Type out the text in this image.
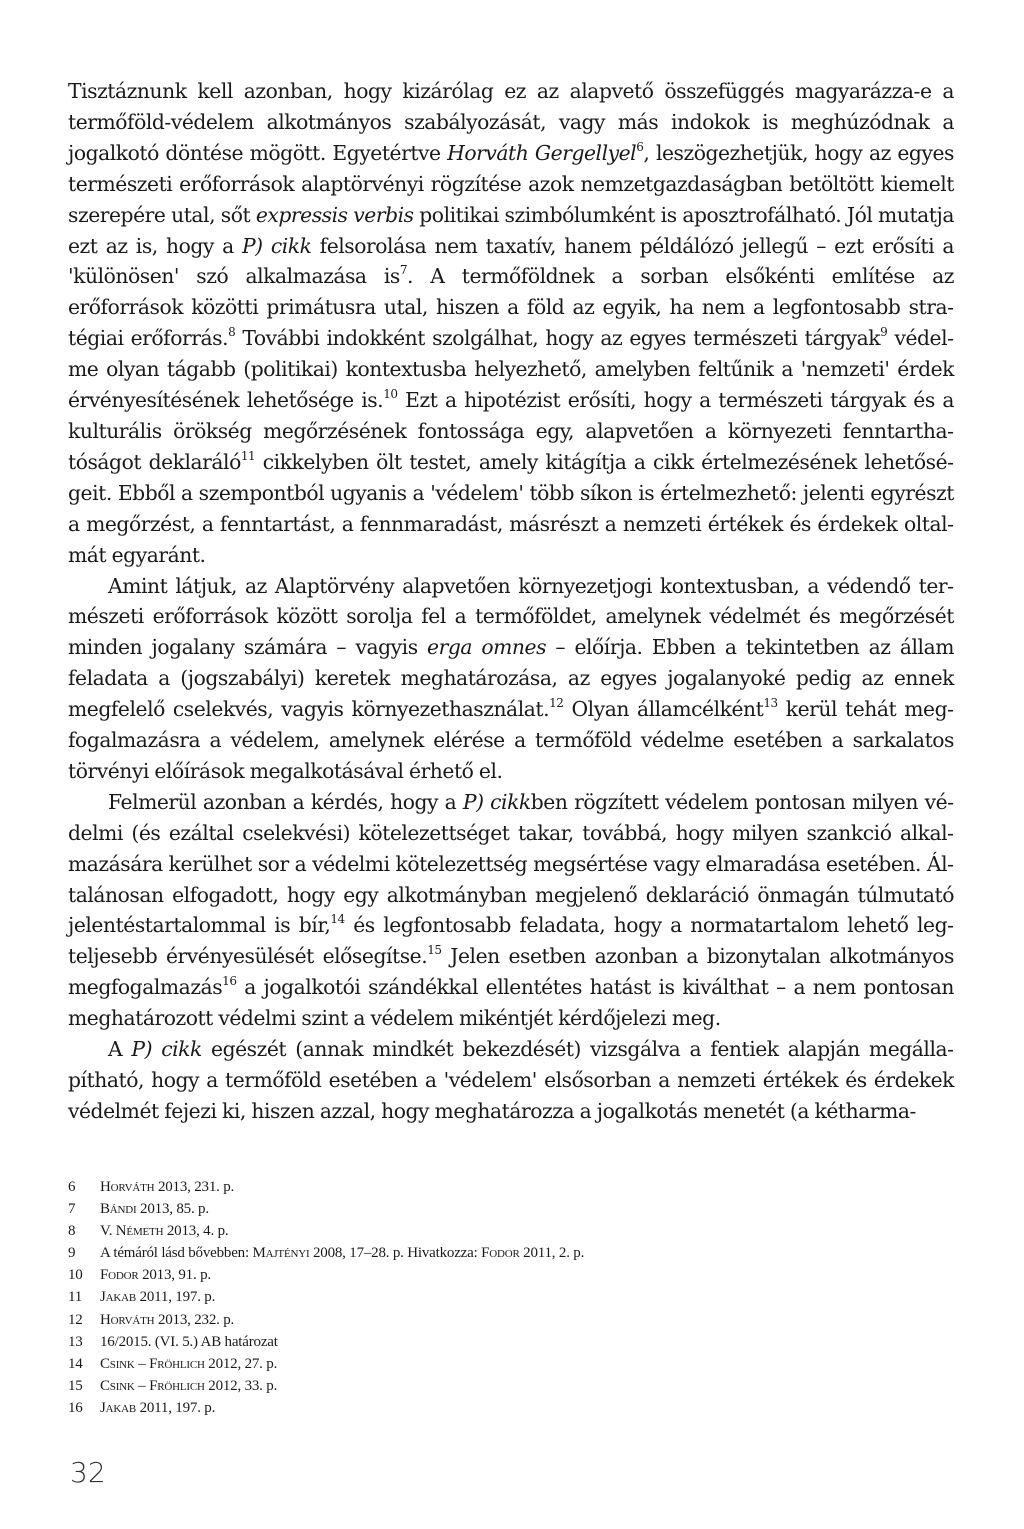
Tisztáznunk kell azonban, hogy kizárólag ez az alapvető összefüggés magyarázza-e a termőföld-védelem alkotmányos szabályozását, vagy más indokok is meghúzódnak a jogalkotó döntése mögött. Egyetértve Horváth Gergellyel$^6$, leszögezhetjük, hogy az egyes természeti erőforrások alaptörvényi rögzítése azok nemzetgazdaságban betöltött kiemelt szerepére utal, sőt expressis verbis politikai szimbólumként is aposztrofálható. Jól mutatja ezt az is, hogy a P) cikk felsorolása nem taxatív, hanem példálózó jellegű – ezt erősíti a 'különösen' szó alkalmazása $is^7$. A termőföldnek a sorban elsőkénti említése az erőforrások közötti primátusra utal, hiszen a föld az egyik, ha nem a legfontosabb stratégiai erőforrás.$^8$ További indokként szolgálhat, hogy az egyes természeti tárgyak$^9$ védelme olyan tágabb (politikai) kontextusba helyezhető, amelyben feltűnik a 'nemzeti' érdek érvényesítésének lehetősége is.$^{10}$ Ezt a hipotézist erősíti, hogy a természeti tárgyak és a kulturális örökség megőrzésének fontossága egy, alapvetően a környezeti fenntarthatóságot deklaráló$^{11}$ cikkelyben ölt testet, amely kitágítja a cikk értelmezésének lehetőségeit. Ebből a szempontból ugyanis a 'védelem' több síkon is értelmezhető: jelenti egyrészt a megőrzést, a fenntartást, a fennmaradást, másrészt a nemzeti értékek és érdekek oltalmát egyaránt.

Amint látjuk, az Alaptörvény alapvetően környezetjogi kontextusban, a védendő természeti erőforrások között sorolja fel a termőföldet, amelynek védelmét és megőrzését minden jogalany számára – vagyis erga omnes – előírja. Ebben a tekintetben az állam feladata a (jogszabályi) keretek meghatározása, az egyes jogalanyoké pedig az ennek megfelelő cselekvés, vagyis környezethasználat.$^{12}$ Olyan államcélként$^{13}$ kerül tehát megfogalmazásra a védelem, amelynek elérése a termőföld védelme esetében a sarkalatos törvényi előírások megalkotásával érhető el.

Felmerül azonban a kérdés, hogy a P) cikkben rögzített védelem pontosan milyen védelmi (és ezáltal cselekvési) kötelezettséget takar, továbbá, hogy milyen szankció alkalmazására kerülhet sor a védelmi kötelezettség megsértése vagy elmaradása esetében. Általánosan elfogadott, hogy egy alkotmányban megjelenő deklaráció önmagán túlmutató jelentéstartalommal is bír,$^{14}$ és legfontosabb feladata, hogy a normatartalom lehető legteljesebb érvényesülését elősegítse.$^{15}$ Jelen esetben azonban a bizonytalan alkotmányos megfogalmazás$^{16}$ a jogalkotói szándékkal ellentétes hatást is kiválthat – a nem pontosan meghatározott védelmi szint a védelem mikéntjét kérdőjelezi meg.

A P) cikk egészét (annak mindkét bekezdését) vizsgálva a fentiek alapján megállapítható, hogy a termőföld esetében a 'védelem' elsősorban a nemzeti értékek és érdekek védelmét fejezi ki, hiszen azzal, hogy meghatározza a jogalkotás menetét (a kétharma-

6 Horváth 2013, 231. p.
7 Bándi 2013, 85. p.
8 V. Németh 2013, 4. p.
9 A témáról lásd bővebben: Majtényi 2008, 17–28. p. Hivatkozza: Fodor 2011, 2. p.
10 Fodor 2013, 91. p.
11 Jakab 2011, 197. p.
12 Horváth 2013, 232. p.
13 16/2015. (VI. 5.) AB határozat
14 Csink – Fröhlich 2012, 27. p.
15 Csink – Fröhlich 2012, 33. p.
16 Jakab 2011, 197. p.
32
